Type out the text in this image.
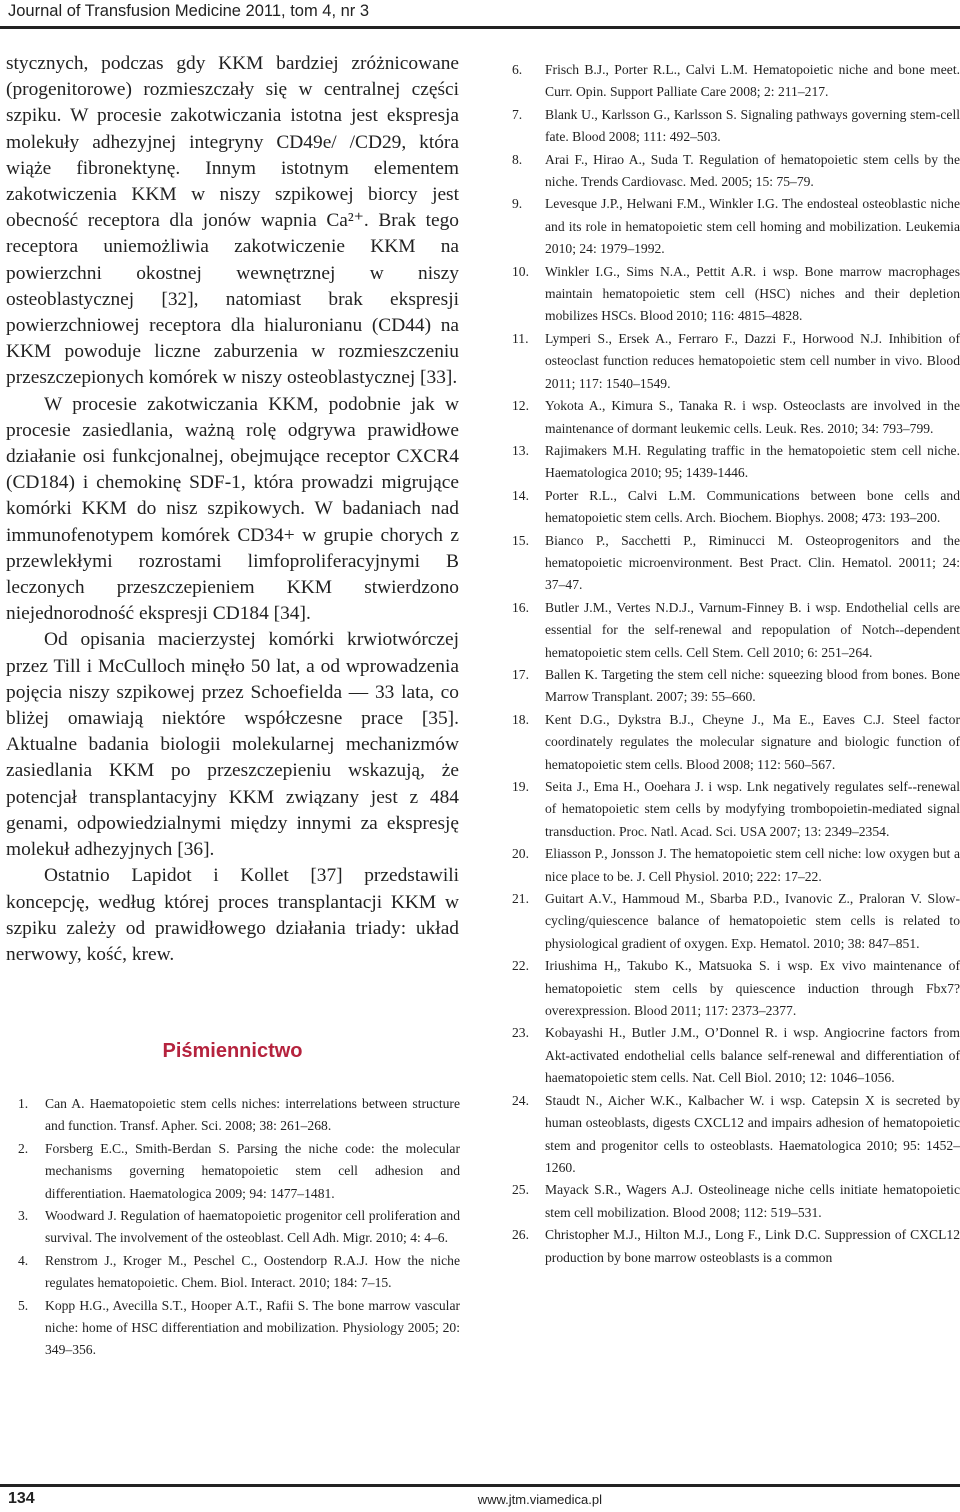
Journal of Transfusion Medicine 2011, tom 4, nr 3

stycznych, podczas gdy KKM bardziej zróżnicowane (progenitorowe) rozmieszczały się w centralnej części szpiku. W procesie zakotwiczania istotna jest ekspresja molekuły adhezyjnej integryny CD49e/ /CD29, która wiąże fibronektynę. Innym istotnym elementem zakotwiczenia KKM w niszy szpikowej biorcy jest obecność receptora dla jonów wapnia Ca²⁺. Brak tego receptora uniemożliwia zakotwiczenie KKM na powierzchni okostnej wewnętrznej w niszy osteoblastycznej [32], natomiast brak ekspresji powierzchniowej receptora dla hialuronianu (CD44) na KKM powoduje liczne zaburzenia w rozmieszczeniu przeszczepionych komórek w niszy osteoblastycznej [33].

W procesie zakotwiczania KKM, podobnie jak w procesie zasiedlania, ważną rolę odgrywa prawidłowe działanie osi funkcjonalnej, obejmujące receptor CXCR4 (CD184) i chemokinę SDF-1, która prowadzi migrujące komórki KKM do nisz szpikowych. W badaniach nad immunofenotypem komórek CD34+ w grupie chorych z przewlekłymi rozrostami limfoproliferacyjnymi B leczonych przeszczepieniem KKM stwierdzono niejednorodność ekspresji CD184 [34].

Od opisania macierzystej komórki krwiotwórczej przez Till i McCulloch minęło 50 lat, a od wprowadzenia pojęcia niszy szpikowej przez Schoefielda — 33 lata, co bliżej omawiają niektóre współczesne prace [35]. Aktualne badania biologii molekularnej mechanizmów zasiedlania KKM po przeszczepieniu wskazują, że potencjał transplantacyjny KKM związany jest z 484 genami, odpowiedzialnymi między innymi za ekspresję molekuł adhezyjnych [36].

Ostatnio Lapidot i Kollet [37] przedstawili koncepcję, według której proces transplantacji KKM w szpiku zależy od prawidłowego działania triady: układ nerwowy, kość, krew.

Piśmiennictwo
1.	Can A. Haematopoietic stem cells niches: interrelations between structure and function. Transf. Apher. Sci. 2008; 38: 261–268.
2.	Forsberg E.C., Smith-Berdan S. Parsing the niche code: the molecular mechanisms governing hematopoietic stem cell adhesion and differentiation. Haematologica 2009; 94: 1477–1481.
3.	Woodward J. Regulation of haematopoietic progenitor cell proliferation and survival. The involvement of the osteoblast. Cell Adh. Migr. 2010; 4: 4–6.
4.	Renstrom J., Kroger M., Peschel C., Oostendorp R.A.J. How the niche regulates hematopoietic. Chem. Biol. Interact. 2010; 184: 7–15.
5.	Kopp H.G., Avecilla S.T., Hooper A.T., Rafii S. The bone marrow vascular niche: home of HSC differentiation and mobilization. Physiology 2005; 20: 349–356.
6.	Frisch B.J., Porter R.L., Calvi L.M. Hematopoietic niche and bone meet. Curr. Opin. Support Palliate Care 2008; 2: 211–217.
7.	Blank U., Karlsson G., Karlsson S. Signaling pathways governing stem-cell fate. Blood 2008; 111: 492–503.
8.	Arai F., Hirao A., Suda T. Regulation of hematopoietic stem cells by the niche. Trends Cardiovasc. Med. 2005; 15: 75–79.
9.	Levesque J.P., Helwani F.M., Winkler I.G. The endosteal osteoblastic niche and its role in hematopoietic stem cell homing and mobilization. Leukemia 2010; 24: 1979–1992.
10.	Winkler I.G., Sims N.A., Pettit A.R. i wsp. Bone marrow macrophages maintain hematopoietic stem cell (HSC) niches and their depletion mobilizes HSCs. Blood 2010; 116: 4815–4828.
11.	Lymperi S., Ersek A., Ferraro F., Dazzi F., Horwood N.J. Inhibition of osteoclast function reduces hematopoietic stem cell number in vivo. Blood 2011; 117: 1540–1549.
12.	Yokota A., Kimura S., Tanaka R. i wsp. Osteoclasts are involved in the maintenance of dormant leukemic cells. Leuk. Res. 2010; 34: 793–799.
13.	Rajimakers M.H. Regulating traffic in the hematopoietic stem cell niche. Haematologica 2010; 95; 1439-1446.
14.	Porter R.L., Calvi L.M. Communications between bone cells and hematopoietic stem cells. Arch. Biochem. Biophys. 2008; 473: 193–200.
15.	Bianco P., Sacchetti P., Riminucci M. Osteoprogenitors and the hematopoietic microenvironment. Best Pract. Clin. Hematol. 20011; 24: 37–47.
16.	Butler J.M., Vertes N.D.J., Varnum-Finney B. i wsp. Endothelial cells are essential for the self-renewal and repopulation of Notch--dependent hematopoietic stem cells. Cell Stem. Cell 2010; 6: 251–264.
17.	Ballen K. Targeting the stem cell niche: squeezing blood from bones. Bone Marrow Transplant. 2007; 39: 55–660.
18.	Kent D.G., Dykstra B.J., Cheyne J., Ma E., Eaves C.J. Steel factor coordinately regulates the molecular signature and biologic function of hematopoietic stem cells. Blood 2008; 112: 560–567.
19.	Seita J., Ema H., Ooehara J. i wsp. Lnk negatively regulates self--renewal of hematopoietic stem cells by modyfying trombopoietin-mediated signal transduction. Proc. Natl. Acad. Sci. USA 2007; 13: 2349–2354.
20.	Eliasson P., Jonsson J. The hematopoietic stem cell niche: low oxygen but a nice place to be. J. Cell Physiol. 2010; 222: 17–22.
21.	Guitart A.V., Hammoud M., Sbarba P.D., Ivanovic Z., Praloran V. Slow-cycling/quiescence balance of hematopoietic stem cells is related to physiological gradient of oxygen. Exp. Hematol. 2010; 38: 847–851.
22.	Iriushima H,, Takubo K., Matsuoka S. i wsp. Ex vivo maintenance of hematopoietic stem cells by quiescence induction through Fbx7? overexpression. Blood 2011; 117: 2373–2377.
23.	Kobayashi H., Butler J.M., O’Donnel R. i wsp. Angiocrine factors from Akt-activated endothelial cells balance self-renewal and differentiation of haematopoietic stem cells. Nat. Cell Biol. 2010; 12: 1046–1056.
24.	Staudt N., Aicher W.K., Kalbacher W. i wsp. Catepsin X is secreted by human osteoblasts, digests CXCL12 and impairs adhesion of hematopoietic stem and progenitor cells to osteoblasts. Haematologica 2010; 95: 1452–1260.
25.	Mayack S.R., Wagers A.J. Osteolineage niche cells initiate hematopoietic stem cell mobilization. Blood 2008; 112: 519–531.
26.	Christopher M.J., Hilton M.J., Long F., Link D.C. Suppression of CXCL12 production by bone marrow osteoblasts is a common
134	www.jtm.viamedica.pl
